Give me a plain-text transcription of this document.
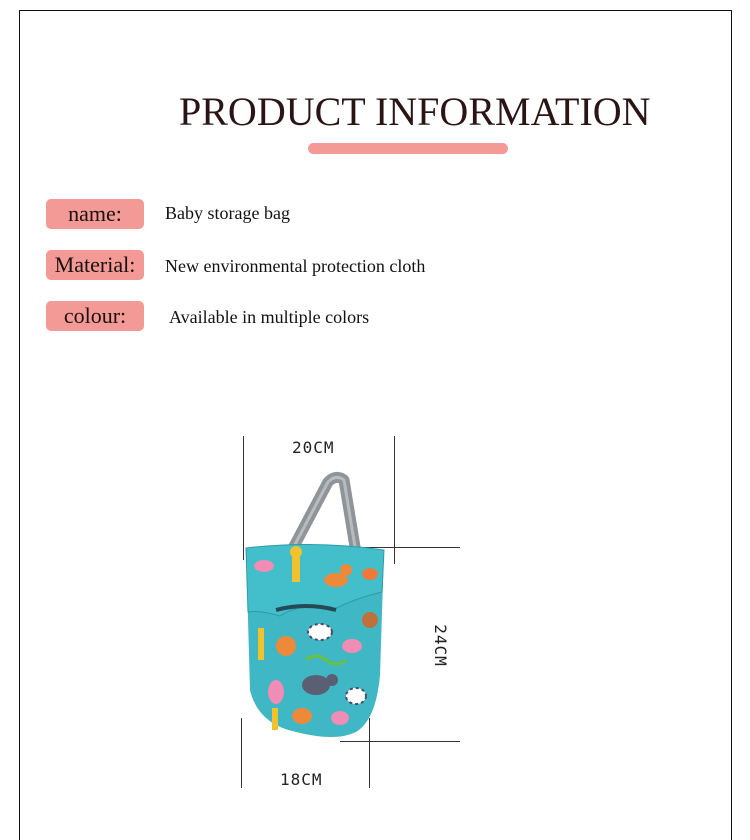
PRODUCT INFORMATION
name:	Baby storage bag
Material:	New environmental protection cloth
colour:	Available in multiple colors
20CM
18CM
24CM
